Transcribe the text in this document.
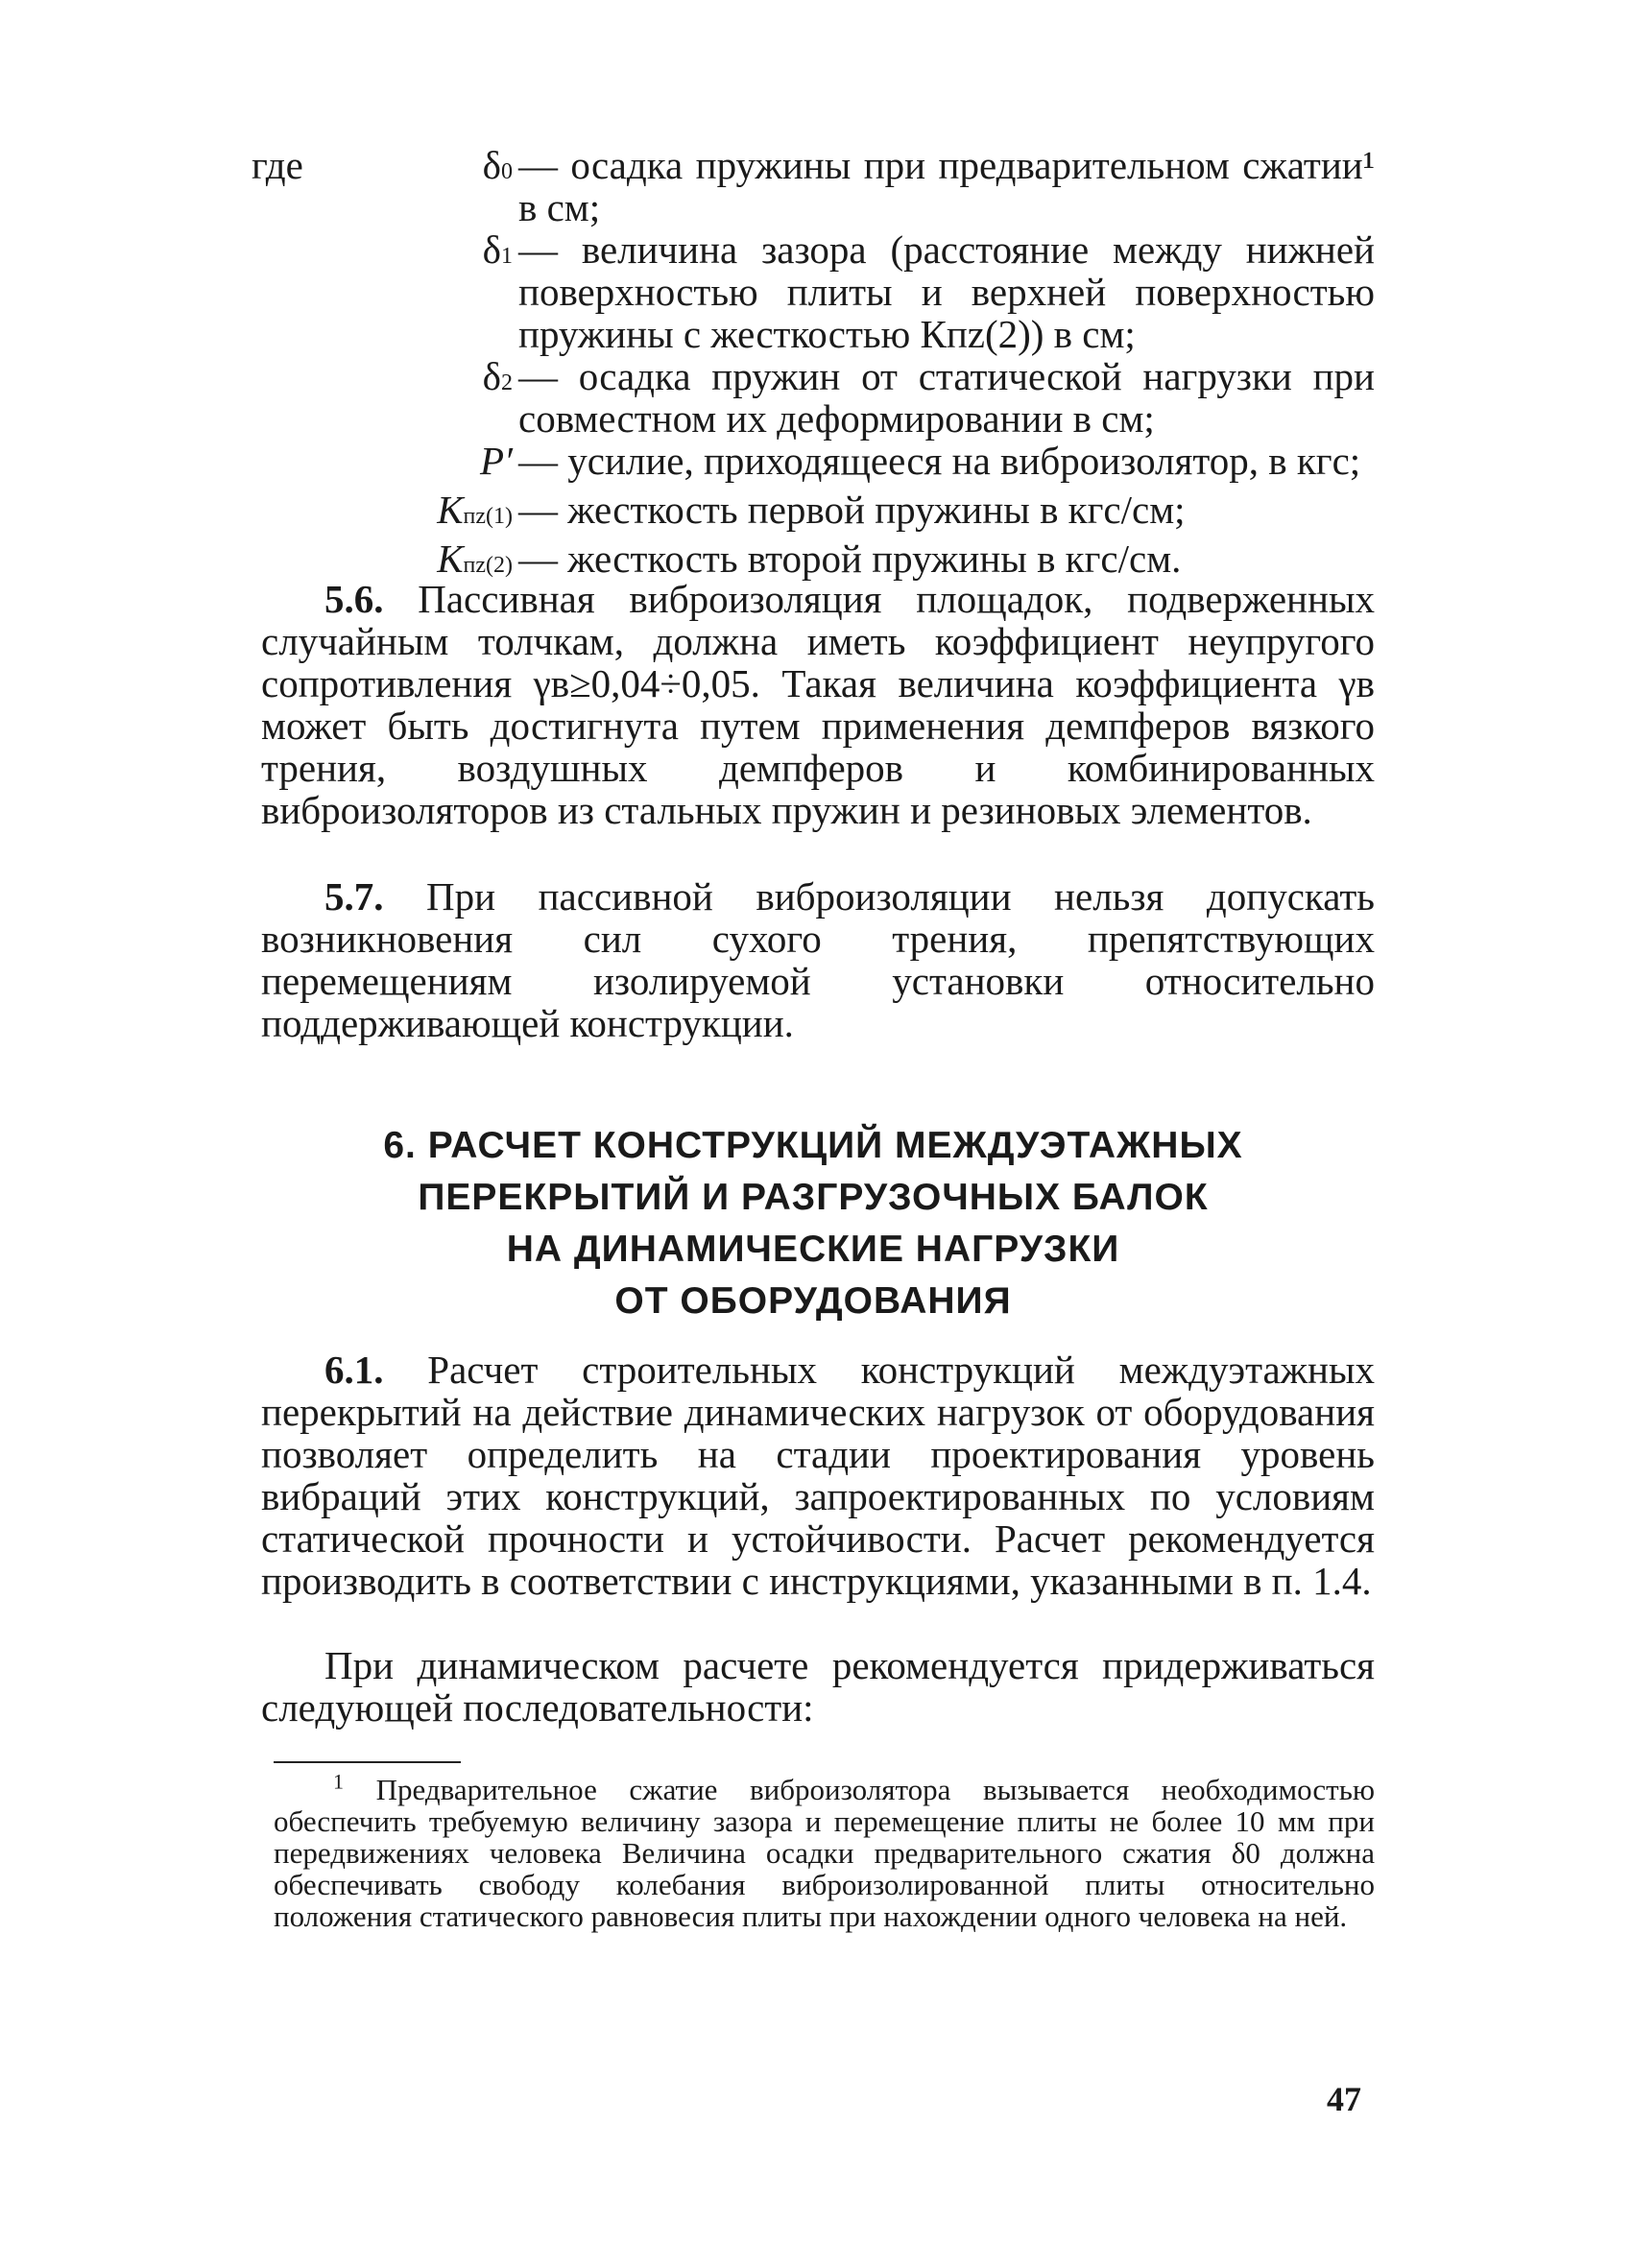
где	δ0 — осадка пружины при предварительном сжатии¹ в см;
δ1 — величина зазора (расстояние между нижней поверхностью плиты и верхней поверхностью пружины с жесткостью Кпz(2)) в см;
δ2 — осадка пружин от статической нагрузки при совместном их деформировании в см;
P′ — усилие, приходящееся на виброизолятор, в кгс;
Кпz(1) — жесткость первой пружины в кгс/см;
Кпz(2) — жесткость второй пружины в кгс/см.

5.6. Пассивная виброизоляция площадок, подверженных случайным толчкам, должна иметь коэффициент неупругого сопротивления γв≥0,04÷0,05. Такая величина коэффициента γв может быть достигнута путем применения демпферов вязкого трения, воздушных демпферов и комбинированных виброизоляторов из стальных пружин и резиновых элементов.

5.7. При пассивной виброизоляции нельзя допускать возникновения сил сухого трения, препятствующих перемещениям изолируемой установки относительно поддерживающей конструкции.

6. РАСЧЕТ КОНСТРУКЦИЙ МЕЖДУЭТАЖНЫХ
ПЕРЕКРЫТИЙ И РАЗГРУЗОЧНЫХ БАЛОК
НА ДИНАМИЧЕСКИЕ НАГРУЗКИ
ОТ ОБОРУДОВАНИЯ

6.1. Расчет строительных конструкций междуэтажных перекрытий на действие динамических нагрузок от оборудования позволяет определить на стадии проектирования уровень вибраций этих конструкций, запроектированных по условиям статической прочности и устойчивости. Расчет рекомендуется производить в соответствии с инструкциями, указанными в п. 1.4.

При динамическом расчете рекомендуется придерживаться следующей последовательности:

$^1$ Предварительное сжатие виброизолятора вызывается необходимостью обеспечить требуемую величину зазора и перемещение плиты не более 10 мм при передвижениях человека Величина осадки предварительного сжатия δ0 должна обеспечивать свободу колебания виброизолированной плиты относительно положения статического равновесия плиты при нахождении одного человека на ней.

47
